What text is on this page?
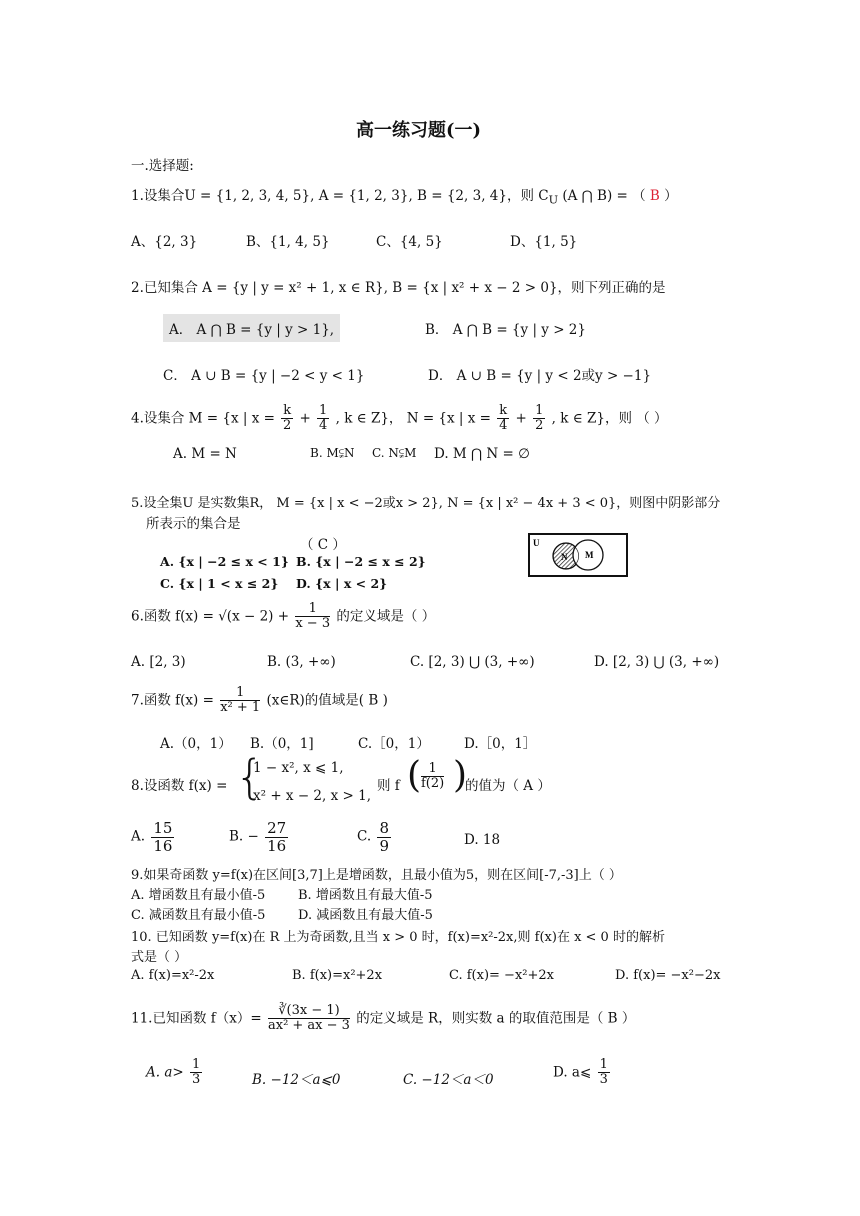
高一练习题(一)
一.选择题:
1.设集合U = {1, 2, 3, 4, 5}, A = {1, 2, 3}, B = {2, 3, 4}，则 $C_U$ (A ⋂ B) = （ B ）
A、{2, 3}	B、{1, 4, 5}	C、{4, 5}	D、{1, 5}
2.已知集合 A = {y | y = x² + 1, x ∈ R}, B = {x | x² + x − 2 > 0}，则下列正确的是
A． A ⋂ B = {y | y > 1},	B． A ⋂ B = {y | y > 2}
C． A ∪ B = {y | −2 < y < 1}	D． A ∪ B = {y | y < 2或y > −1}
4.设集合 M = {x | $x = \frac{k}{2} + \frac{1}{4}$ , k ∈ Z}， N = {x | $x = \frac{k}{4} + \frac{1}{2}$ , k ∈ Z}，则 （ ）
A. M = N	B. M⫋N C. N⫋M D. M ⋂ N = ∅
5.设全集U 是实数集R， M = {x | x < −2或x > 2}, N = {x | x² − 4x + 3 < 0}，则图中阴影部分
所表示的集合是
（ C ）
A. {x | −2 ≤ x < 1} B. {x | −2 ≤ x ≤ 2}
C. {x | 1 < x ≤ 2} D. {x | x < 2}
U
N M
6.函数 $f(x) = √(x - 2) + \frac{1}{x - 3}$ 的定义域是（ ）
A. [2, 3)	B. (3, +∞)	C. [2, 3) ⋃ (3, +∞)	D. [2, 3) ⋃ (3, +∞)
7.函数 $f(x) = \frac{1}{\text{x² + 1}}$ (x∈R)的值域是( B )
A.（0，1） B.（0，1]	C.［0，1）	D.［0，1］
8.设函数 f(x) = {
1 − x², x ⩽ 1,
x² + x − 2, x > 1,
则 f ( $\frac{1}{f(2)}$ )
的值为（ A ）
A. $\frac{15}{16}$	B. − $\frac{27}{16}$	C. $\frac{8}{9}$	D. 18
9.如果奇函数 y=f(x)在区间[3,7]上是增函数，且最小值为5，则在区间[-7,-3]上（ ）
A. 增函数且有最小值-5	B. 增函数且有最大值-5
C. 减函数且有最小值-5	D. 减函数且有最大值-5
10. 已知函数 y=f(x)在 R 上为奇函数,且当 x > 0 时，f(x)=x²-2x,则 f(x)在 x < 0 时的解析
式是（ ）
A. f(x)=x²-2x	B. f(x)=x²+2x	C. f(x)= −x²+2x	D. f(x)= −x²−2x
11.已知函数 $f(x)= \frac{∛(3x - 1)}{\text{ax² + ax − 3}}$ 的定义域是 R，则实数 a 的取值范围是（ B ）
A. $a> \frac{1}{3}$	B. −12＜a⩽0	C. −12＜a＜0	D. a⩽ $\frac{1}{3}$
